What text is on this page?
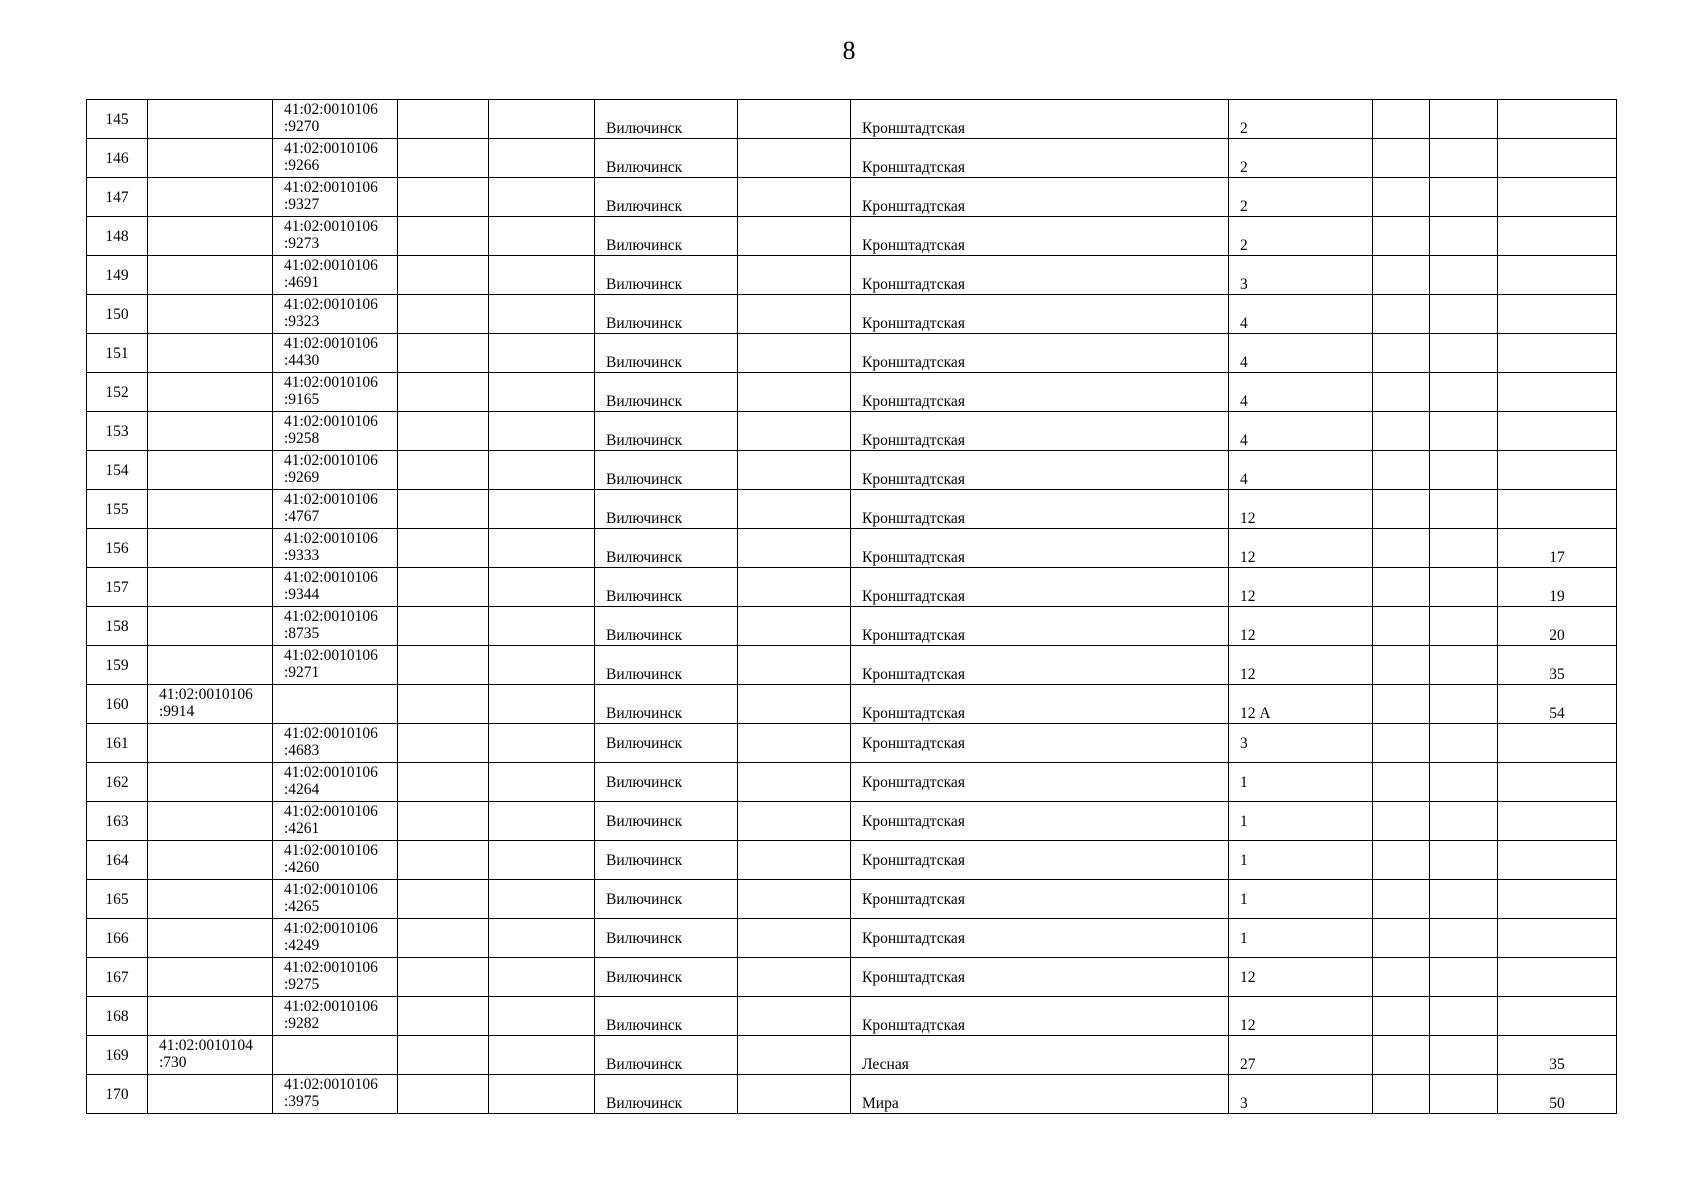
8
145		41:02:0010106
:9270			Вилючинск		Кронштадтская	2			
146		41:02:0010106
:9266			Вилючинск		Кронштадтская	2			
147		41:02:0010106
:9327			Вилючинск		Кронштадтская	2			
148		41:02:0010106
:9273			Вилючинск		Кронштадтская	2			
149		41:02:0010106
:4691			Вилючинск		Кронштадтская	3			
150		41:02:0010106
:9323			Вилючинск		Кронштадтская	4			
151		41:02:0010106
:4430			Вилючинск		Кронштадтская	4			
152		41:02:0010106
:9165			Вилючинск		Кронштадтская	4			
153		41:02:0010106
:9258			Вилючинск		Кронштадтская	4			
154		41:02:0010106
:9269			Вилючинск		Кронштадтская	4			
155		41:02:0010106
:4767			Вилючинск		Кронштадтская	12			
156		41:02:0010106
:9333			Вилючинск		Кронштадтская	12			17
157		41:02:0010106
:9344			Вилючинск		Кронштадтская	12			19
158		41:02:0010106
:8735			Вилючинск		Кронштадтская	12			20
159		41:02:0010106
:9271			Вилючинск		Кронштадтская	12			35
160	41:02:0010106
:9914				Вилючинск		Кронштадтская	12 А			54
161		41:02:0010106
:4683			Вилючинск		Кронштадтская	3			
162		41:02:0010106
:4264			Вилючинск		Кронштадтская	1			
163		41:02:0010106
:4261			Вилючинск		Кронштадтская	1			
164		41:02:0010106
:4260			Вилючинск		Кронштадтская	1			
165		41:02:0010106
:4265			Вилючинск		Кронштадтская	1			
166		41:02:0010106
:4249			Вилючинск		Кронштадтская	1			
167		41:02:0010106
:9275			Вилючинск		Кронштадтская	12			
168		41:02:0010106
:9282			Вилючинск		Кронштадтская	12			
169	41:02:0010104
:730				Вилючинск		Лесная	27			35
170		41:02:0010106
:3975			Вилючинск		Мира	3			50
